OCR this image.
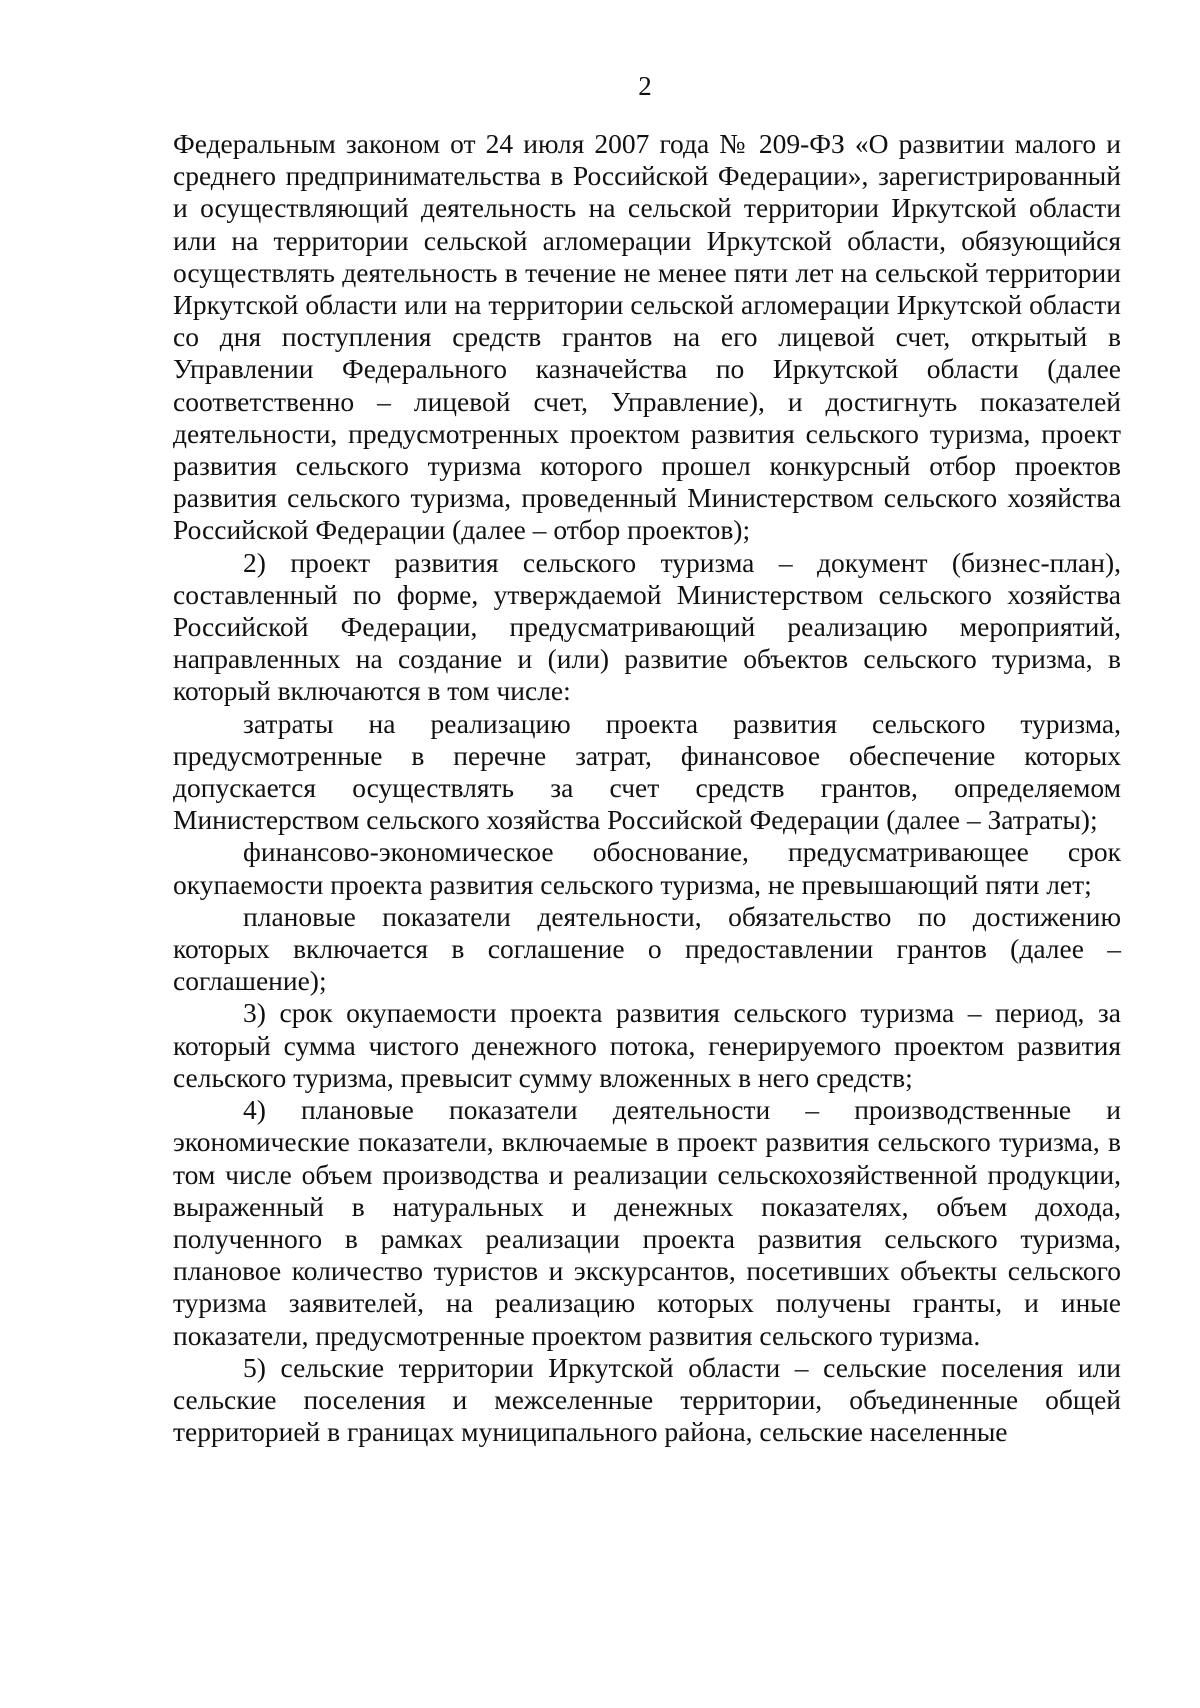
2

Федеральным законом от 24 июля 2007 года № 209-ФЗ «О развитии малого и среднего предпринимательства в Российской Федерации», зарегистрированный и осуществляющий деятельность на сельской территории Иркутской области или на территории сельской агломерации Иркутской области, обязующийся осуществлять деятельность в течение не менее пяти лет на сельской территории Иркутской области или на территории сельской агломерации Иркутской области со дня поступления средств грантов на его лицевой счет, открытый в Управлении Федерального казначейства по Иркутской области (далее соответственно – лицевой счет, Управление), и достигнуть показателей деятельности, предусмотренных проектом развития сельского туризма, проект развития сельского туризма которого прошел конкурсный отбор проектов развития сельского туризма, проведенный Министерством сельского хозяйства Российской Федерации (далее – отбор проектов);

2) проект развития сельского туризма – документ (бизнес-план), составленный по форме, утверждаемой Министерством сельского хозяйства Российской Федерации, предусматривающий реализацию мероприятий, направленных на создание и (или) развитие объектов сельского туризма, в который включаются в том числе:

затраты на реализацию проекта развития сельского туризма, предусмотренные в перечне затрат, финансовое обеспечение которых допускается осуществлять за счет средств грантов, определяемом Министерством сельского хозяйства Российской Федерации (далее – Затраты);

финансово-экономическое обоснование, предусматривающее срок окупаемости проекта развития сельского туризма, не превышающий пяти лет;

плановые показатели деятельности, обязательство по достижению которых включается в соглашение о предоставлении грантов (далее – соглашение);

3) срок окупаемости проекта развития сельского туризма – период, за который сумма чистого денежного потока, генерируемого проектом развития сельского туризма, превысит сумму вложенных в него средств;

4) плановые показатели деятельности – производственные и экономические показатели, включаемые в проект развития сельского туризма, в том числе объем производства и реализации сельскохозяйственной продукции, выраженный в натуральных и денежных показателях, объем дохода, полученного в рамках реализации проекта развития сельского туризма, плановое количество туристов и экскурсантов, посетивших объекты сельского туризма заявителей, на реализацию которых получены гранты, и иные показатели, предусмотренные проектом развития сельского туризма.

5) сельские территории Иркутской области – сельские поселения или сельские поселения и межселенные территории, объединенные общей территорией в границах муниципального района, сельские населенные
